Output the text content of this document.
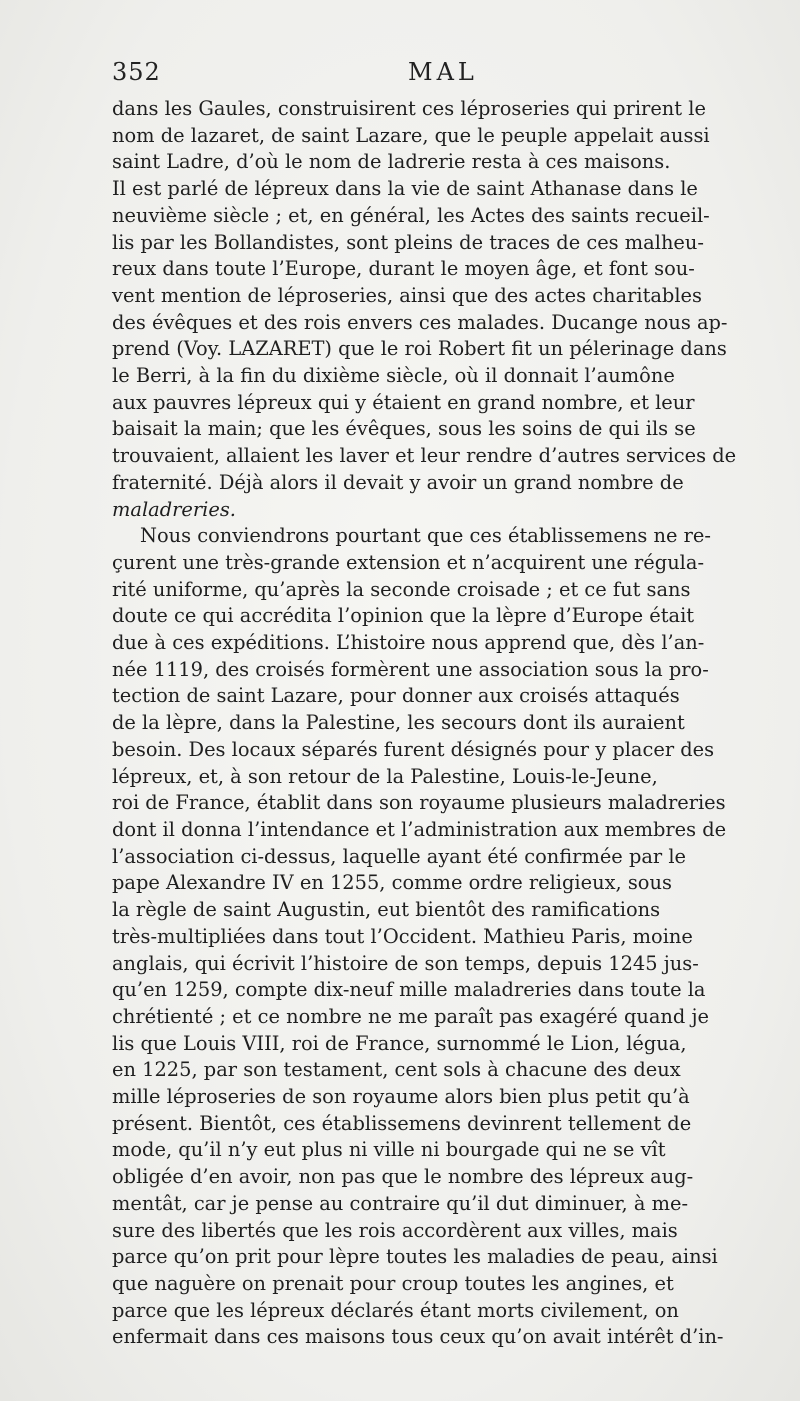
352	MAL

dans les Gaules, construisirent ces léproseries qui prirent le
nom de lazaret, de saint Lazare, que le peuple appelait aussi
saint Ladre, d’où le nom de ladrerie resta à ces maisons.
Il est parlé de lépreux dans la vie de saint Athanase dans le
neuvième siècle ; et, en général, les Actes des saints recueil-
lis par les Bollandistes, sont pleins de traces de ces malheu-
reux dans toute l’Europe, durant le moyen âge, et font sou-
vent mention de léproseries, ainsi que des actes charitables
des évêques et des rois envers ces malades. Ducange nous ap-
prend (Voy. LAZARET) que le roi Robert fit un pélerinage dans
le Berri, à la fin du dixième siècle, où il donnait l’aumône
aux pauvres lépreux qui y étaient en grand nombre, et leur
baisait la main; que les évêques, sous les soins de qui ils se
trouvaient, allaient les laver et leur rendre d’autres services de
fraternité. Déjà alors il devait y avoir un grand nombre de
maladreries.

Nous conviendrons pourtant que ces établissemens ne re-
çurent une très-grande extension et n’acquirent une régula-
rité uniforme, qu’après la seconde croisade ; et ce fut sans
doute ce qui accrédita l’opinion que la lèpre d’Europe était
due à ces expéditions. L’histoire nous apprend que, dès l’an-
née 1119, des croisés formèrent une association sous la pro-
tection de saint Lazare, pour donner aux croisés attaqués
de la lèpre, dans la Palestine, les secours dont ils auraient
besoin. Des locaux séparés furent désignés pour y placer des
lépreux, et, à son retour de la Palestine, Louis-le-Jeune,
roi de France, établit dans son royaume plusieurs maladreries
dont il donna l’intendance et l’administration aux membres de
l’association ci-dessus, laquelle ayant été confirmée par le
pape Alexandre IV en 1255, comme ordre religieux, sous
la règle de saint Augustin, eut bientôt des ramifications
très-multipliées dans tout l’Occident. Mathieu Paris, moine
anglais, qui écrivit l’histoire de son temps, depuis 1245 jus-
qu’en 1259, compte dix-neuf mille maladreries dans toute la
chrétienté ; et ce nombre ne me paraît pas exagéré quand je
lis que Louis VIII, roi de France, surnommé le Lion, légua,
en 1225, par son testament, cent sols à chacune des deux
mille léproseries de son royaume alors bien plus petit qu’à
présent. Bientôt, ces établissemens devinrent tellement de
mode, qu’il n’y eut plus ni ville ni bourgade qui ne se vît
obligée d’en avoir, non pas que le nombre des lépreux aug-
mentât, car je pense au contraire qu’il dut diminuer, à me-
sure des libertés que les rois accordèrent aux villes, mais
parce qu’on prit pour lèpre toutes les maladies de peau, ainsi
que naguère on prenait pour croup toutes les angines, et
parce que les lépreux déclarés étant morts civilement, on
enfermait dans ces maisons tous ceux qu’on avait intérêt d’in-
